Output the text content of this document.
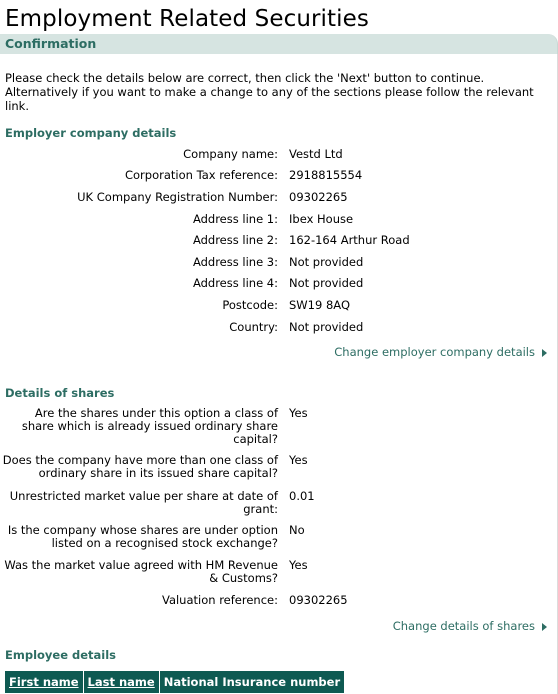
Employment Related Securities
Confirmation
Please check the details below are correct, then click the 'Next' button to continue. Alternatively if you want to make a change to any of the sections please follow the relevant link.
Employer company details
Company name: Vestd Ltd
Corporation Tax reference: 2918815554
UK Company Registration Number: 09302265
Address line 1: Ibex House
Address line 2: 162-164 Arthur Road
Address line 3: Not provided
Address line 4: Not provided
Postcode: SW19 8AQ
Country: Not provided
Change employer company details
Details of shares
Are the shares under this option a class of share which is already issued ordinary share capital?
Yes
Does the company have more than one class of ordinary share in its issued share capital?
Yes
Unrestricted market value per share at date of grant:
0.01
Is the company whose shares are under option listed on a recognised stock exchange?
No
Was the market value agreed with HM Revenue & Customs?
Yes
Valuation reference: 09302265
Change details of shares
Employee details
First name	Last name	National Insurance number
